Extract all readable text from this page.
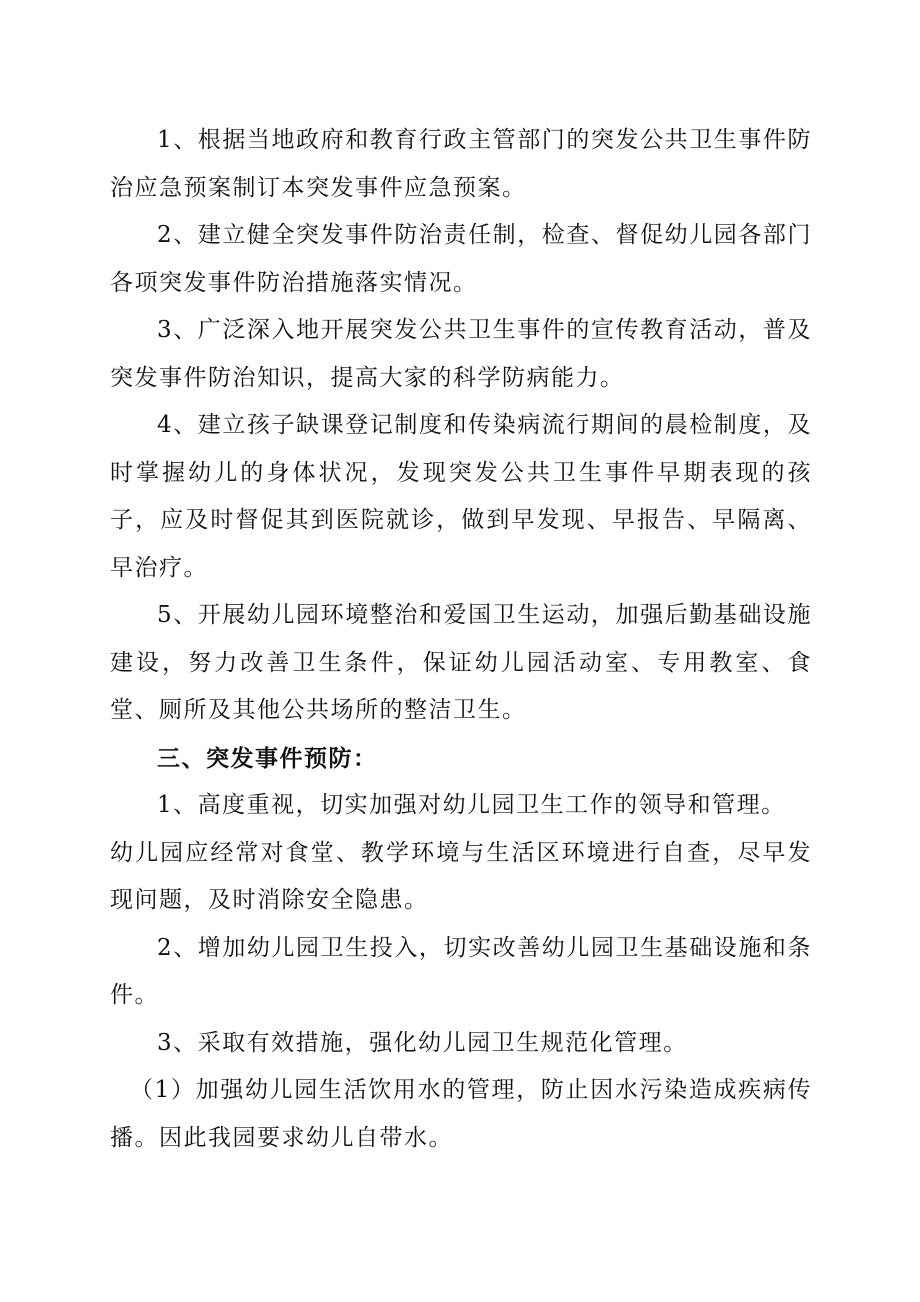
1、根据当地政府和教育行政主管部门的突发公共卫生事件防治应急预案制订本突发事件应急预案。

2、建立健全突发事件防治责任制，检查、督促幼儿园各部门各项突发事件防治措施落实情况。

3、广泛深入地开展突发公共卫生事件的宣传教育活动，普及突发事件防治知识，提高大家的科学防病能力。

4、建立孩子缺课登记制度和传染病流行期间的晨检制度，及时掌握幼儿的身体状况，发现突发公共卫生事件早期表现的孩子，应及时督促其到医院就诊，做到早发现、早报告、早隔离、早治疗。

5、开展幼儿园环境整治和爱国卫生运动，加强后勤基础设施建设，努力改善卫生条件，保证幼儿园活动室、专用教室、食堂、厕所及其他公共场所的整洁卫生。

三、突发事件预防：

1、高度重视，切实加强对幼儿园卫生工作的领导和管理。

幼儿园应经常对食堂、教学环境与生活区环境进行自查，尽早发现问题，及时消除安全隐患。

2、增加幼儿园卫生投入，切实改善幼儿园卫生基础设施和条件。

3、采取有效措施，强化幼儿园卫生规范化管理。

（1）加强幼儿园生活饮用水的管理，防止因水污染造成疾病传播。因此我园要求幼儿自带水。
